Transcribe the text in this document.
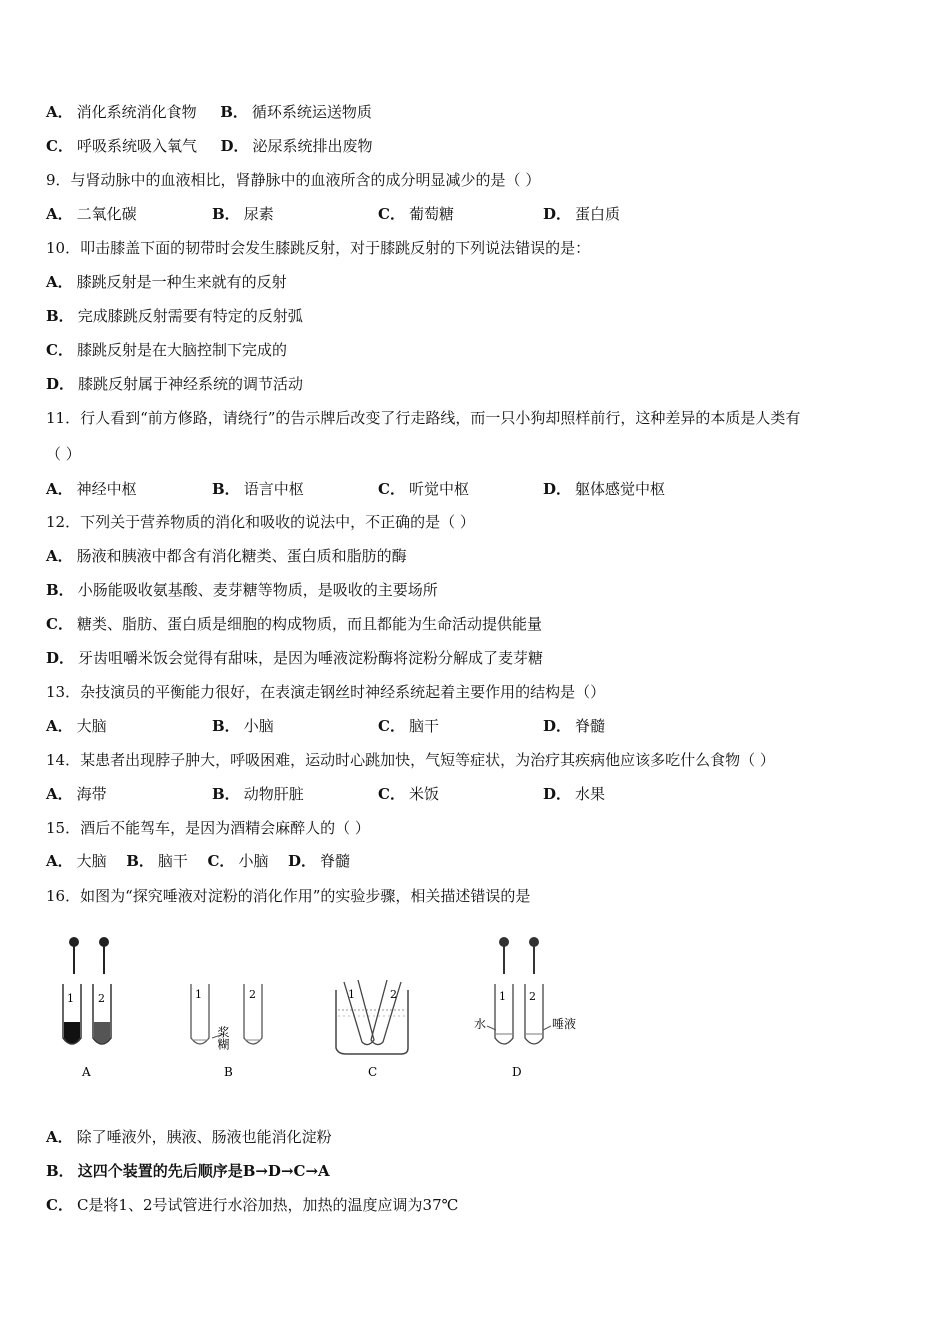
A． 消化系统消化食物 B． 循环系统运送物质
C． 呼吸系统吸入氧气 D． 泌尿系统排出废物
9．与肾动脉中的血液相比，肾静脉中的血液所含的成分明显减少的是（ ）
A． 二氧化碳	B． 尿素	C． 葡萄糖	D． 蛋白质
10．叩击膝盖下面的韧带时会发生膝跳反射，对于膝跳反射的下列说法错误的是：
A． 膝跳反射是一种生来就有的反射
B． 完成膝跳反射需要有特定的反射弧
C． 膝跳反射是在大脑控制下完成的
D． 膝跳反射属于神经系统的调节活动
11．行人看到“前方修路，请绕行”的告示牌后改变了行走路线，而一只小狗却照样前行，这种差异的本质是人类有
（ ）
A． 神经中枢	B． 语言中枢	C． 听觉中枢	D． 躯体感觉中枢
12．下列关于营养物质的消化和吸收的说法中，不正确的是（ ）
A． 肠液和胰液中都含有消化糖类、蛋白质和脂肪的酶
B． 小肠能吸收氨基酸、麦芽糖等物质，是吸收的主要场所
C． 糖类、脂肪、蛋白质是细胞的构成物质，而且都能为生命活动提供能量
D． 牙齿咀嚼米饭会觉得有甜味，是因为唾液淀粉酶将淀粉分解成了麦芽糖
13．杂技演员的平衡能力很好，在表演走钢丝时神经系统起着主要作用的结构是（）
A． 大脑	B． 小脑	C． 脑干	D． 脊髓
14．某患者出现脖子肿大，呼吸困难，运动时心跳加快，气短等症状，为治疗其疾病他应该多吃什么食物（ ）
A． 海带	B． 动物肝脏	C． 米饭	D． 水果
15．酒后不能驾车，是因为酒精会麻醉人的（ ）
A． 大脑 B． 脑干 C． 小脑 D． 脊髓
16．如图为“探究唾液对淀粉的消化作用”的实验步骤，相关描述错误的是
1 2
A
1	2
浆糊
B
1	2
C
1 2
水	唾液
D
A． 除了唾液外，胰液、肠液也能消化淀粉
B． 这四个装置的先后顺序是B→D→C→A
C． C是将1、2号试管进行水浴加热，加热的温度应调为37℃
